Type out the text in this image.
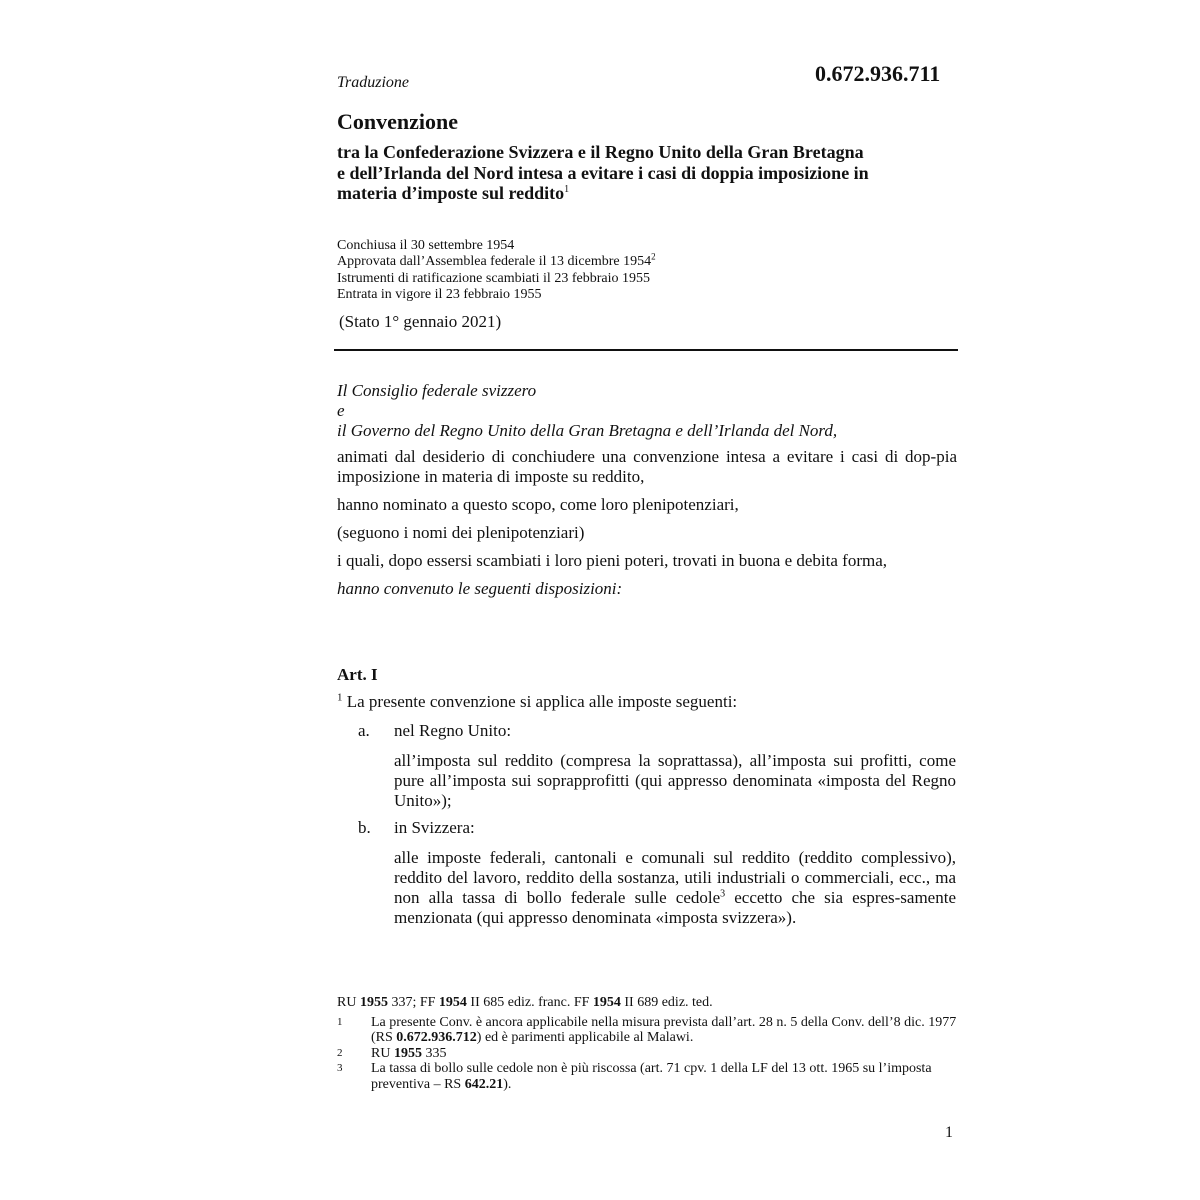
Traduzione	0.672.936.711
Convenzione
tra la Confederazione Svizzera e il Regno Unito della Gran Bretagna
e dell’Irlanda del Nord intesa a evitare i casi di doppia imposizione in
materia d’imposte sul reddito$^1$
Conchiusa il 30 settembre 1954
Approvata dall’Assemblea federale il 13 dicembre 1954$^2$
Istrumenti di ratificazione scambiati il 23 febbraio 1955
Entrata in vigore il 23 febbraio 1955
(Stato 1° gennaio 2021)

Il Consiglio federale svizzero

e

il Governo del Regno Unito della Gran Bretagna e dell’Irlanda del Nord,

animati dal desiderio di conchiudere una convenzione intesa a evitare i casi di dop-pia imposizione in materia di imposte su reddito,

hanno nominato a questo scopo, come loro plenipotenziari,

(seguono i nomi dei plenipotenziari)

i quali, dopo essersi scambiati i loro pieni poteri, trovati in buona e debita forma,

hanno convenuto le seguenti disposizioni:

Art. I
$^1$ La presente convenzione si applica alle imposte seguenti:
a. nel Regno Unito:
all’imposta sul reddito (compresa la soprattassa), all’imposta sui profitti, come pure all’imposta sui soprapprofitti (qui appresso denominata «imposta del Regno Unito»);
b. in Svizzera:
alle imposte federali, cantonali e comunali sul reddito (reddito complessivo), reddito del lavoro, reddito della sostanza, utili industriali o commerciali, ecc., ma non alla tassa di bollo federale sulle cedole$^3$ eccetto che sia espres-samente menzionata (qui appresso denominata «imposta svizzera»).
RU 1955 337; FF 1954 II 685 ediz. franc. FF 1954 II 689 ediz. ted.
1 La presente Conv. è ancora applicabile nella misura prevista dall’art. 28 n. 5 della Conv. dell’8 dic. 1977 (RS 0.672.936.712) ed è parimenti applicabile al Malawi.
2 RU 1955 335
3 La tassa di bollo sulle cedole non è più riscossa (art. 71 cpv. 1 della LF del 13 ott. 1965 su l’imposta preventiva – RS 642.21).
1
